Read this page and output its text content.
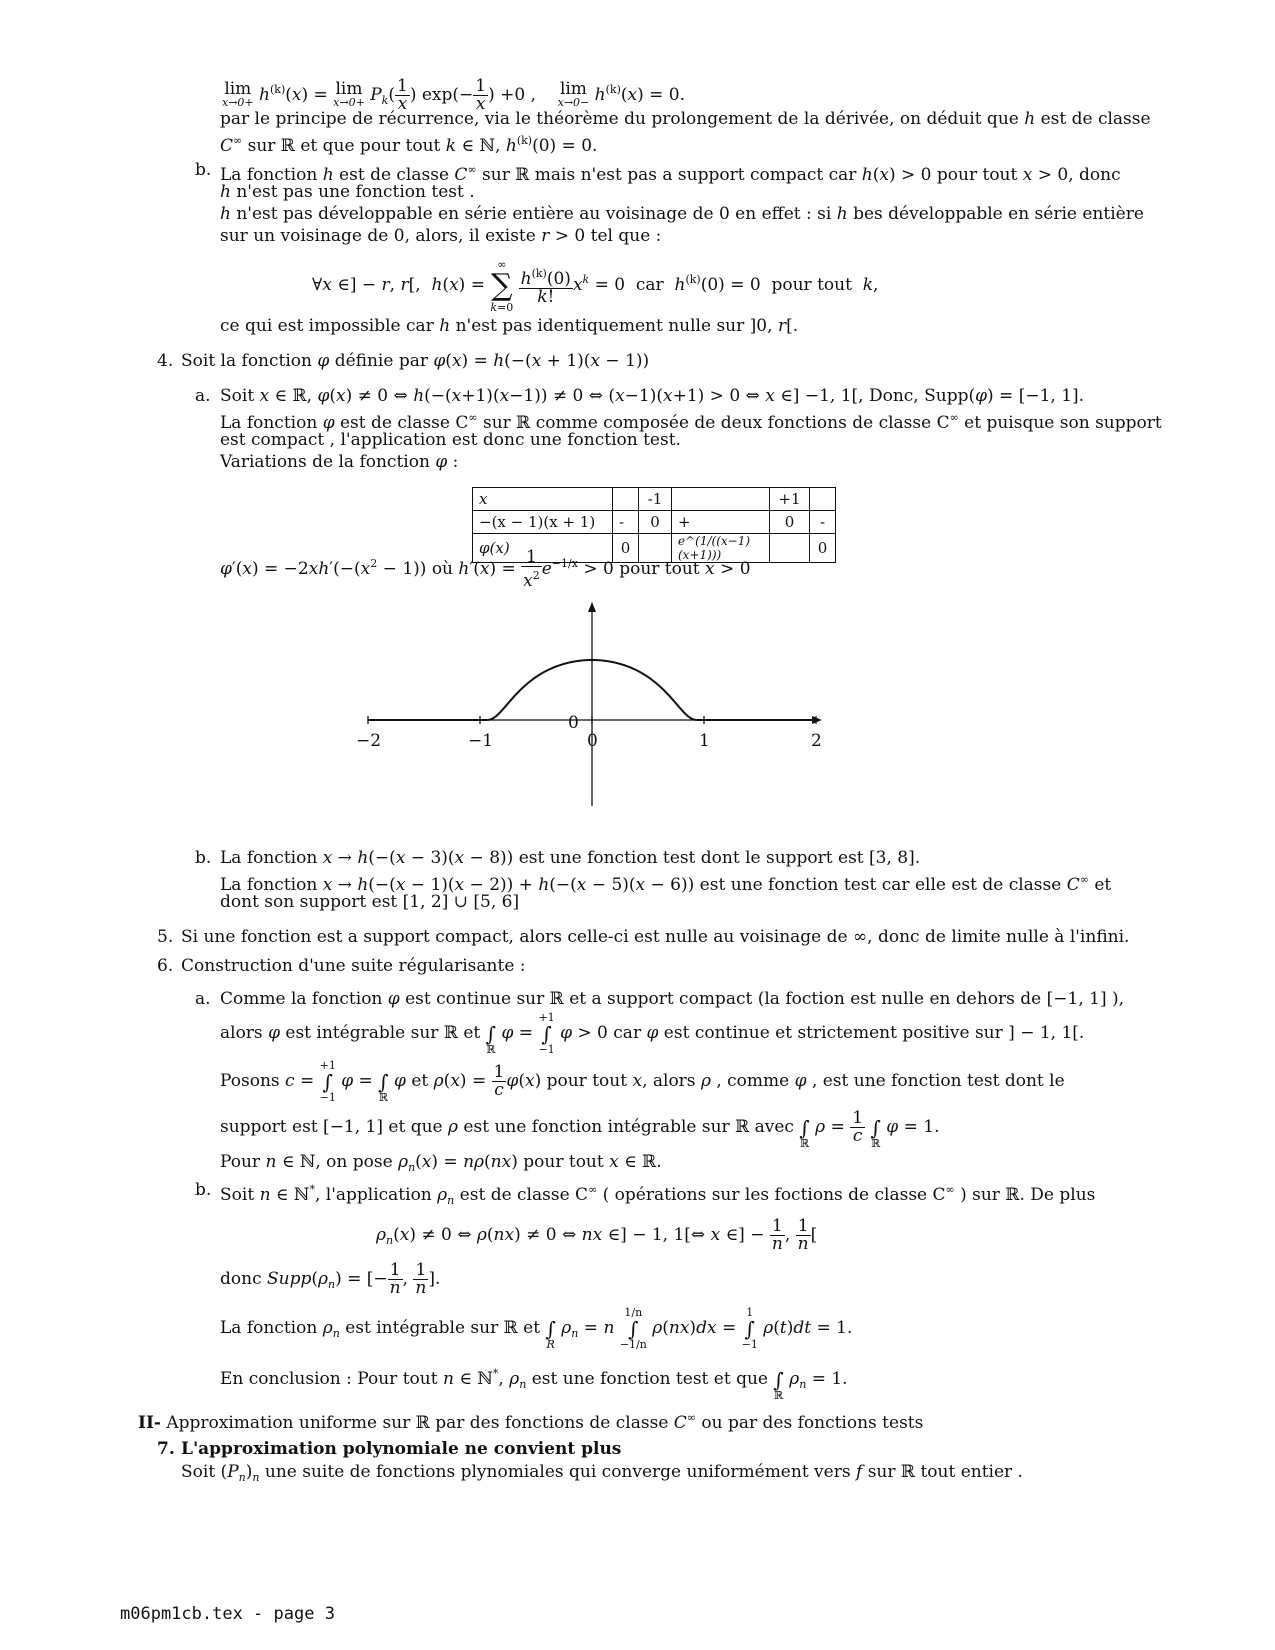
lim
$x\to 0+ h^{(k)}(x) = \lim$
$x\to 0+ P_k( \frac{1}{x}$ ) $\exp(- \frac{1}{x}$ ) +0 ,    lim
$x\to 0- h^{(k)}(x) = 0$.
par le principe de récurrence, via le théorème du prolongement de la dérivée, on déduit que h est de classe
C∞ sur ℝ et que pour tout k ∈ ℕ, $h^{(k)}(0) = 0$.
b. La fonction h est de classe C∞ sur ℝ mais n'est pas a support compact car h(x) > 0 pour tout x > 0, donc
h n'est pas une fonction test .
h n'est pas développable en série entière au voisinage de 0 en effet : si h bes développable en série entière
sur un voisinage de 0, alors, il existe r > 0 tel que :
∀x ∈] − r, r[,  h(x) = ∞
∑
k=0
$\frac{h^{(k)}(0)}{k!} x^k = 0$  car $h^{(k)}(0) = 0$  pour tout k,
ce qui est impossible car h n'est pas identiquement nulle sur ]0, r[.
4. Soit la fonction φ définie par φ(x) = h(−(x + 1)(x − 1))
a. Soit x ∈ ℝ, φ(x) ≠ 0 ⇔ h(−(x+1)(x−1)) ≠ 0 ⇔ (x−1)(x+1) > 0 ⇔ x ∈] −1, 1[, Donc, Supp(φ) = [−1, 1].
La fonction φ est de classe C∞ sur ℝ comme composée de deux fonctions de classe C∞ et puisque son support
est compact , l'application est donc une fonction test.
Variations de la fonction φ :
x		-1		+1	
−(x − 1)(x + 1)	-	0	+	0	-
φ(x)	0		e^(1/((x−1)(x+1)))		0
$\varphi'(x) = -2xh'(-(x^2 - 1))$ où $h'(x) = \frac{1}{x^2} e^{-1/x} > 0$ pour tout x > 0
−2	−1	0	1	2
0
b. La fonction x → h(−(x − 3)(x − 8)) est une fonction test dont le support est [3, 8].
La fonction x → h(−(x − 1)(x − 2)) + h(−(x − 5)(x − 6)) est une fonction test car elle est de classe C∞ et
dont son support est [1, 2] ∪ [5, 6]
5. Si une fonction est a support compact, alors celle-ci est nulle au voisinage de ∞, donc de limite nulle à l'infini.
6. Construction d'une suite régularisante :
a. Comme la fonction φ est continue sur ℝ et a support compact (la foction est nulle en dehors de [−1, 1] ),
alors φ est intégrable sur ℝ et ∫
ℝ φ = +1
∫
−1 φ > 0 car φ est continue et strictement positive sur ] − 1, 1[.
Posons c = +1
∫
−1 φ = ∫
ℝ φ et $\rho(x) = \frac{1}{c} \varphi(x)$ pour tout x, alors ρ , comme φ , est une fonction test dont le
support est [−1, 1] et que ρ est une fonction intégrable sur ℝ avec ∫
ℝ $\rho = \frac{1}{c}$
∫
ℝ φ = 1.
Pour n ∈ ℕ, on pose $\rho_n(x) = n\rho(nx)$ pour tout x ∈ ℝ.
b. Soit n ∈ ℕ*, l'application $\rho_n$ est de classe C∞ ( opérations sur les foctions de classe C∞ ) sur ℝ. De plus
$\rho_n(x) \ne 0$ ⇔ ρ(nx) ≠ 0 ⇔ nx ∈] − 1, 1[⇔ x ∈] − $\frac{1}{n}$ , $\frac{1}{n}$ [
donc $Supp(\rho_n)$ = [− $\frac{1}{n}$ , $\frac{1}{n}$ ].
La fonction $\rho_n$ est intégrable sur ℝ et ∫
R $\rho_n = n$ 1/n
∫
−1/n ρ(nx)dx = 1
∫
−1 ρ(t)dt = 1.
En conclusion : Pour tout n ∈ ℕ*, $\rho_n$ est une fonction test et que ∫
ℝ $\rho_n = 1$.
II- Approximation uniforme sur ℝ par des fonctions de classe C∞ ou par des fonctions tests
7. L'approximation polynomiale ne convient plus
Soit $(P_n)_n$ une suite de fonctions plynomiales qui converge uniformément vers f sur ℝ tout entier .
m06pm1cb.tex - page 3
